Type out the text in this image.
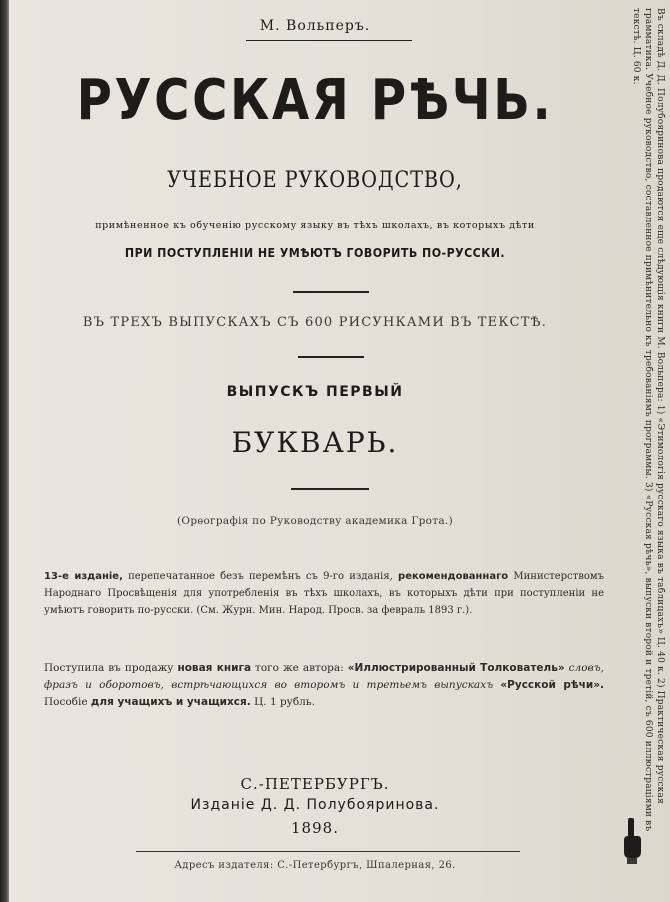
М. Вольперъ.
РУССКАЯ РѢЧЬ.
УЧЕБНОЕ РУКОВОДСТВО,
примѣненное къ обученію русскому языку въ тѣхъ школахъ, въ которыхъ дѣти
ПРИ ПОСТУПЛЕНІИ НЕ УМѢЮТЪ ГОВОРИТЬ ПО-РУССКИ.
ВЪ ТРЕХЪ ВЫПУСКАХЪ СЪ 600 РИСУНКАМИ ВЪ ТЕКСТѢ.
ВЫПУСКЪ ПЕРВЫЙ
БУКВАРЬ.
(Орѳографія по Руководству академика Грота.)
13-е изданіе, перепечатанное безъ перемѣнъ съ 9-го изданія, рекомендованнаго Министерствомъ Народнаго Просвѣщенія для употребленія въ тѣхъ школахъ, въ которыхъ дѣти при поступленіи не умѣютъ говорить по-русски. (См. Журн. Мин. Народ. Просв. за февраль 1893 г.).
Поступила въ продажу новая книга того же автора: «Иллюстрированный Толкователь» словъ, фразъ и оборотовъ, встрѣчающихся во второмъ и третьемъ выпускахъ «Русской рѣчи». Пособіе для учащихъ и учащихся. Ц. 1 рубль.
С.-ПЕТЕРБУРГЪ.
Изданіе Д. Д. Полубояринова.
1898.
Адресъ издателя: С.-Петербургъ, Шпалерная, 26.
Въ складѣ Д. Д. Полубояринова продаются еще слѣдующія книги М. Вольпера: 1) «Этимологія русскаго языка въ таблицахъ» Ц. 40 к. 2) Практическая русская грамматика. Учебное руководство, составленное примѣнительно къ требованіямъ программы. 3) «Русская рѣчь», выпуски второй и третій, съ 600 иллюстраціями въ текстѣ. Ц. 60 к.
